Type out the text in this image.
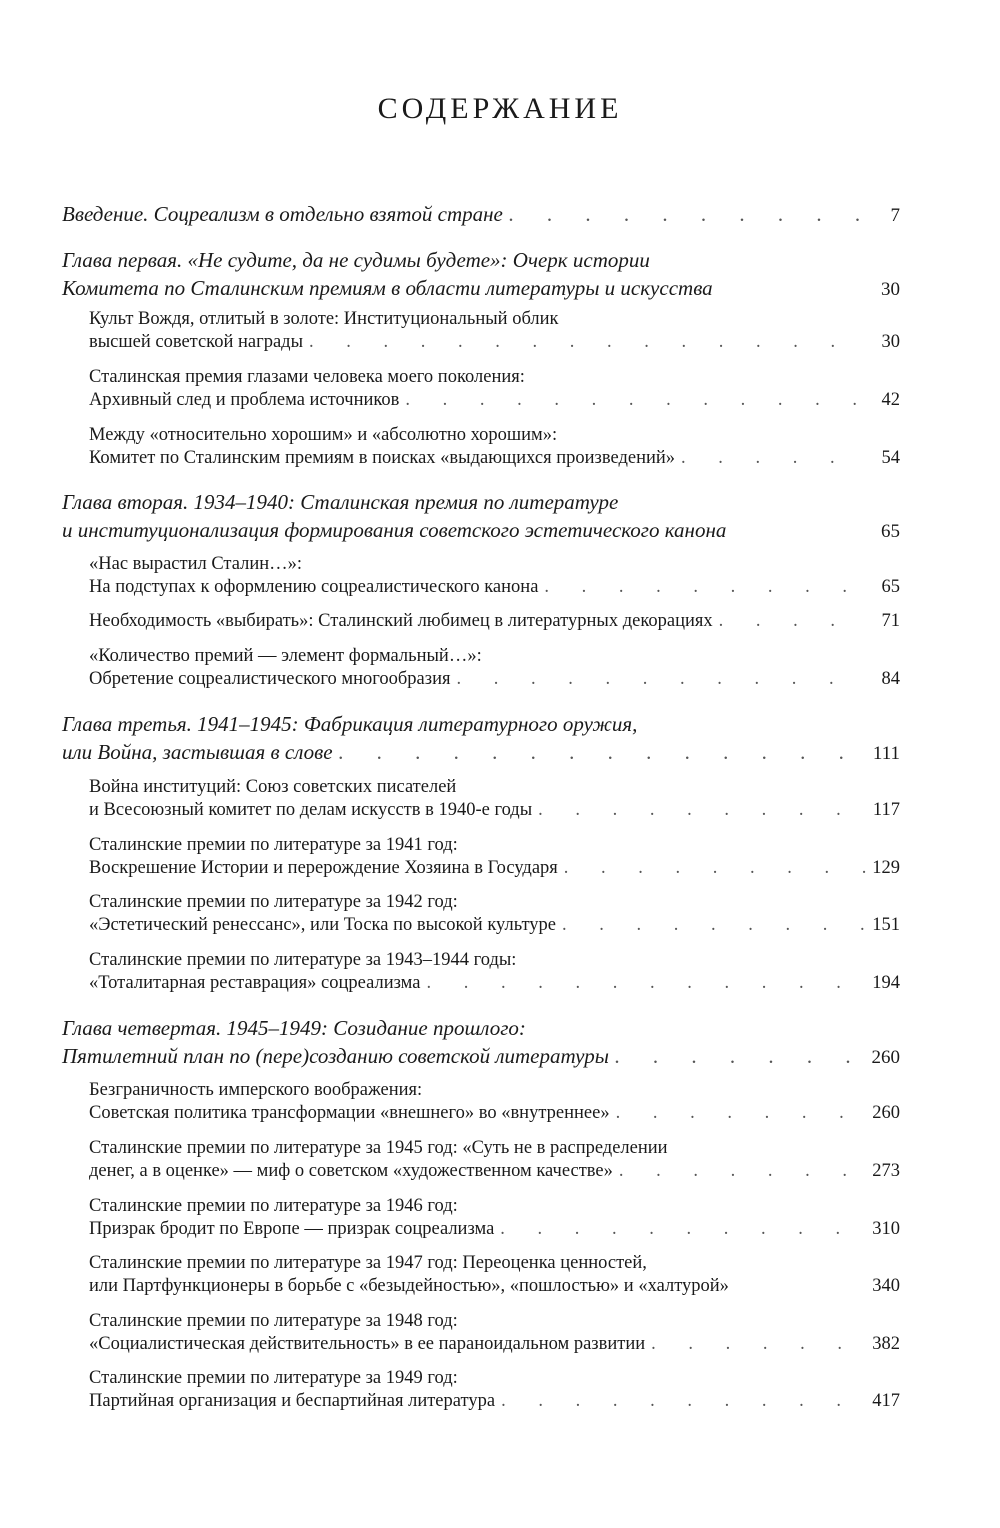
СОДЕРЖАНИЕ
Введение. Соцреализм в отдельно взятой стране . . .	7
Глава первая. «Не судите, да не судимы будете»: Очерк истории
Комитета по Сталинским премиям в области литературы и искусства	30
Культ Вождя, отлитый в золоте: Институциональный облик
высшей советской награды . . .	30
Сталинская премия глазами человека моего поколения:
Архивный след и проблема источников . . .	42
Между «относительно хорошим» и «абсолютно хорошим»:
Комитет по Сталинским премиям в поисках «выдающихся произведений» . . .	54
Глава вторая. 1934–1940: Сталинская премия по литературе
и институционализация формирования советского эстетического канона	65
«Нас вырастил Сталин…»:
На подступах к оформлению соцреалистического канона . . .	65
Необходимость «выбирать»: Сталинский любимец в литературных декорациях . . .	71
«Количество премий — элемент формальный…»:
Обретение соцреалистического многообразия . . .	84
Глава третья. 1941–1945: Фабрикация литературного оружия,
или Война, застывшая в слове . . .	111
Война институций: Союз советских писателей
и Всесоюзный комитет по делам искусств в 1940-е годы . . .	117
Сталинские премии по литературе за 1941 год:
Воскрешение Истории и перерождение Хозяина в Государя . . .	129
Сталинские премии по литературе за 1942 год:
«Эстетический ренессанс», или Тоска по высокой культуре . . .	151
Сталинские премии по литературе за 1943–1944 годы:
«Тоталитарная реставрация» соцреализма . . .	194
Глава четвертая. 1945–1949: Созидание прошлого:
Пятилетний план по (пере)созданию советской литературы . . .	260
Безграничность имперского воображения:
Советская политика трансформации «внешнего» во «внутреннее» . . .	260
Сталинские премии по литературе за 1945 год: «Суть не в распределении
денег, а в оценке» — миф о советском «художественном качестве» . . .	273
Сталинские премии по литературе за 1946 год:
Призрак бродит по Европе — призрак соцреализма . . .	310
Сталинские премии по литературе за 1947 год: Переоценка ценностей,
или Партфункционеры в борьбе с «безыдейностью», «пошлостью» и «халтурой»	340
Сталинские премии по литературе за 1948 год:
«Социалистическая действительность» в ее параноидальном развитии . . .	382
Сталинские премии по литературе за 1949 год:
Партийная организация и беспартийная литература . . .	417
